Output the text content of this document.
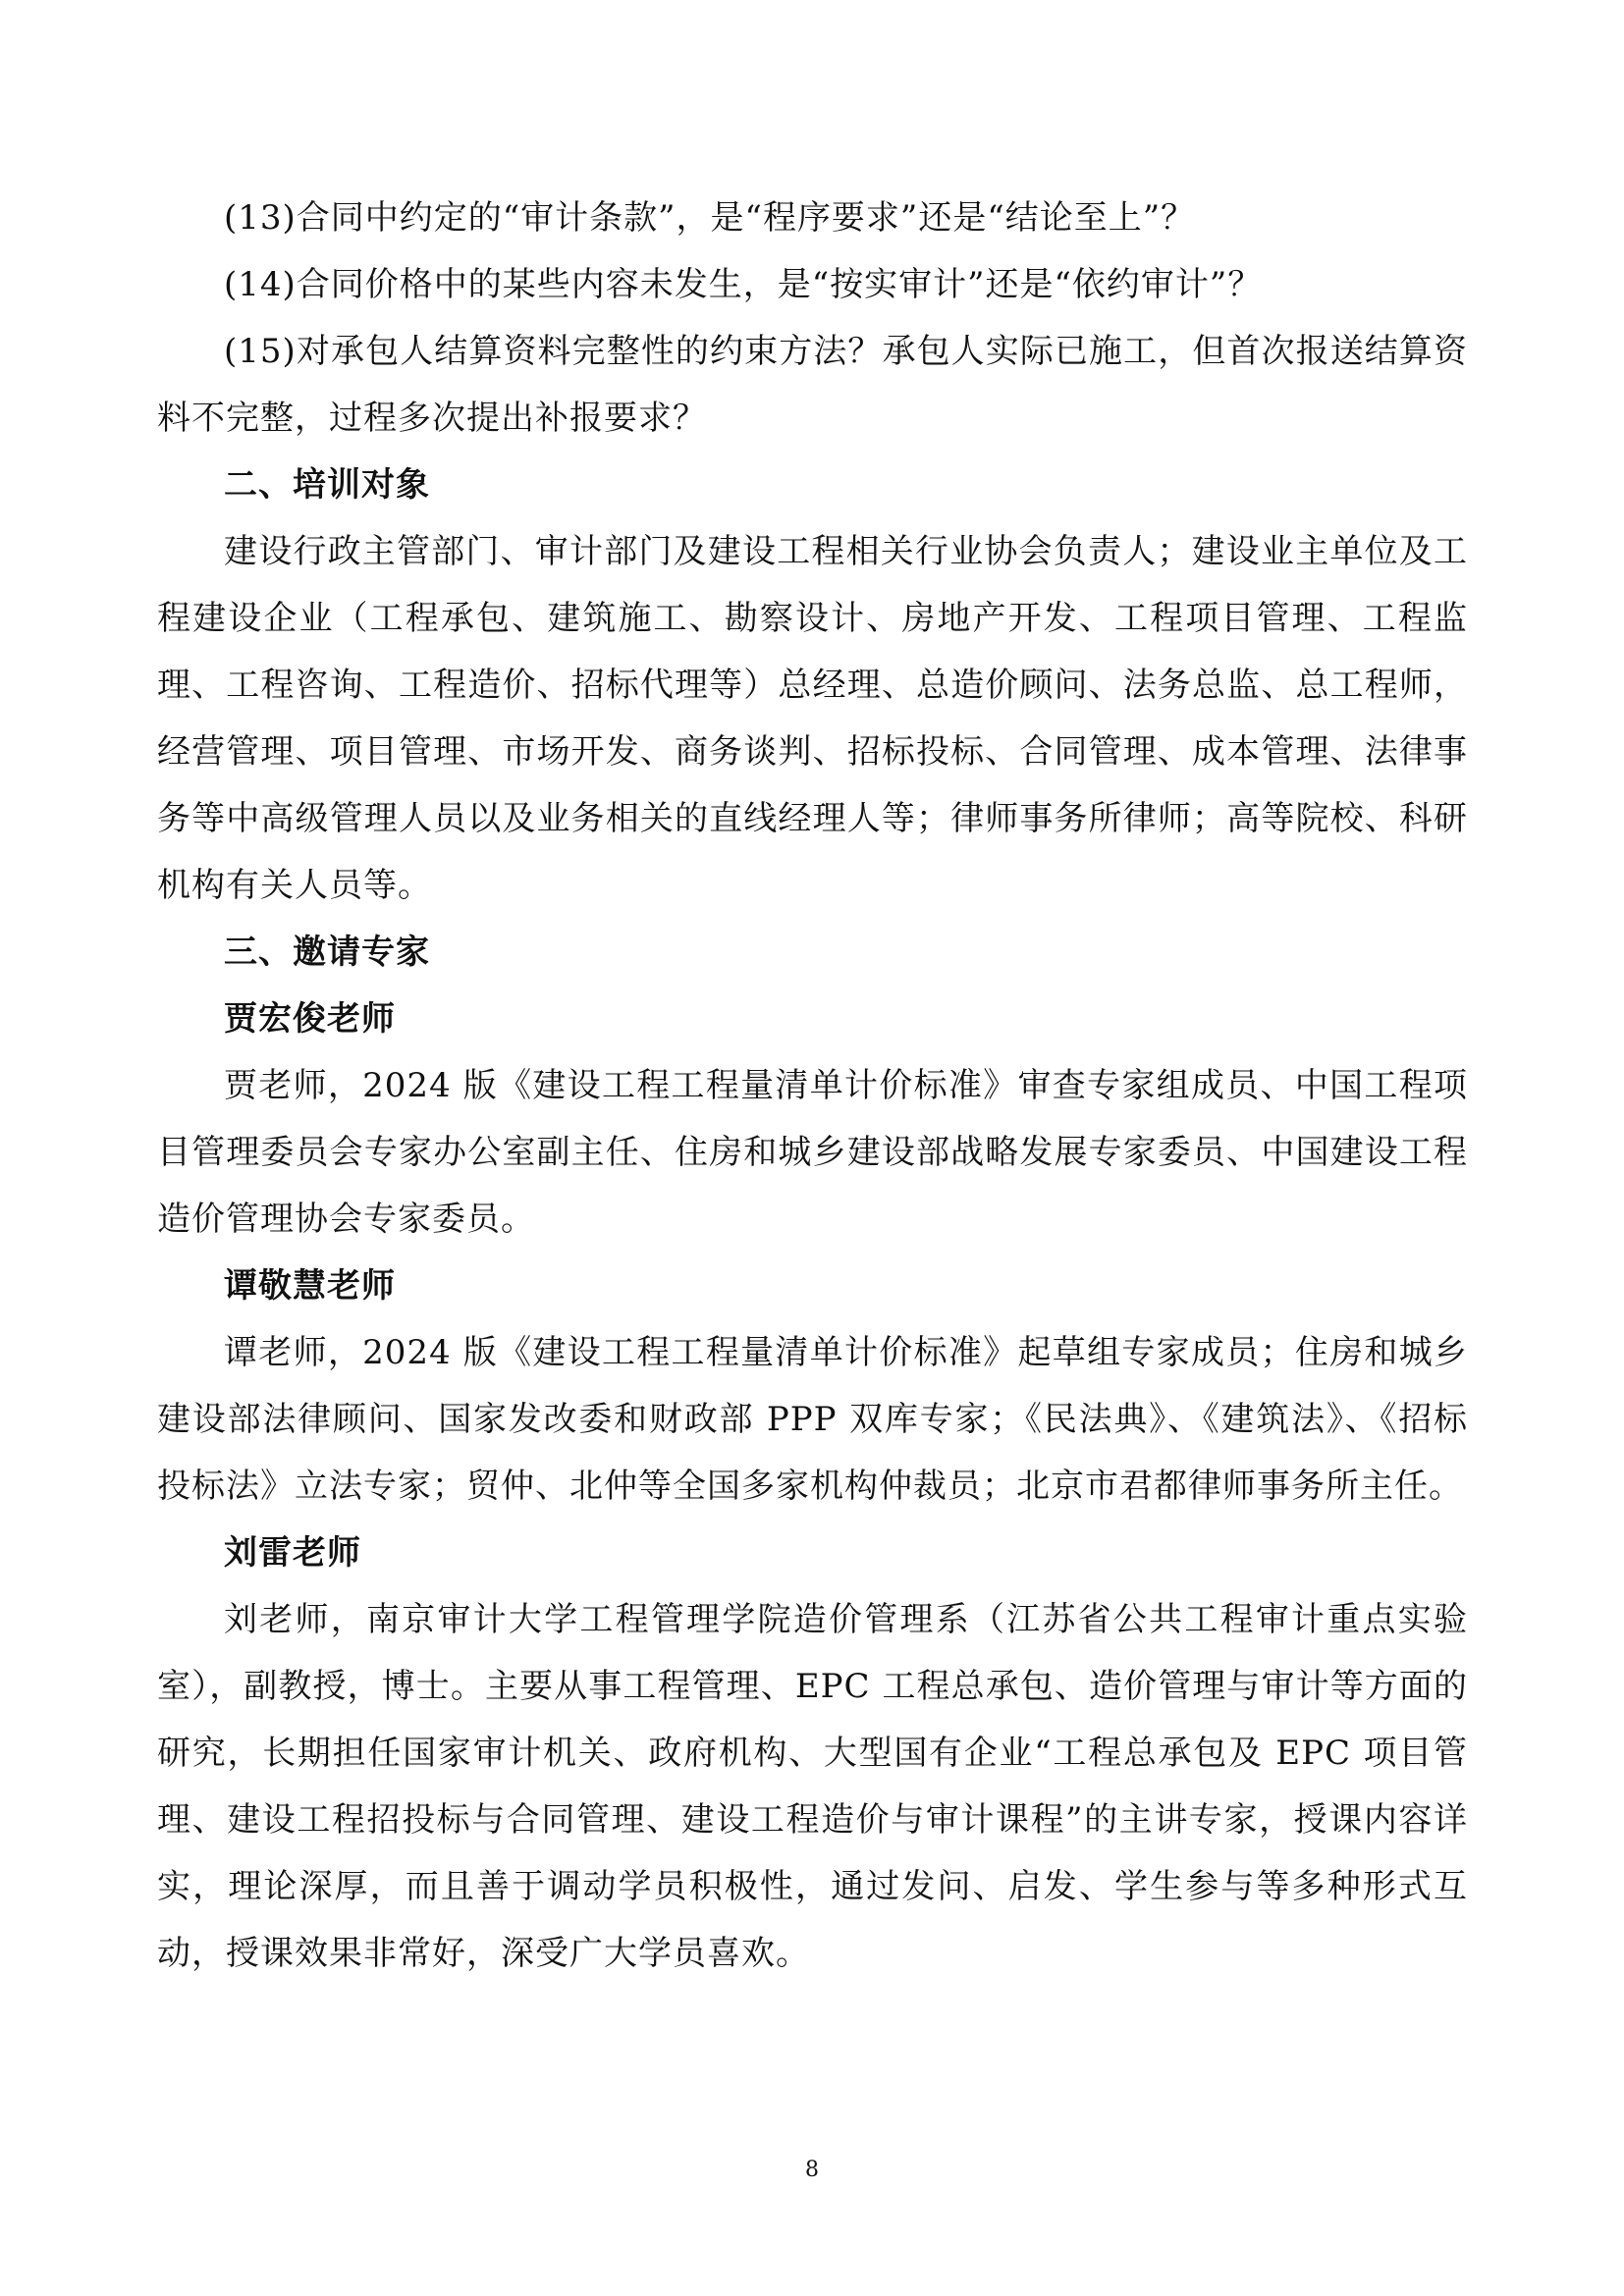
(13)合同中约定的“审计条款”，是“程序要求”还是“结论至上”？

(14)合同价格中的某些内容未发生，是“按实审计”还是“依约审计”？

(15)对承包人结算资料完整性的约束方法？承包人实际已施工，但首次报送结算资料不完整，过程多次提出补报要求？

二、培训对象

建设行政主管部门、审计部门及建设工程相关行业协会负责人；建设业主单位及工程建设企业（工程承包、建筑施工、勘察设计、房地产开发、工程项目管理、工程监理、工程咨询、工程造价、招标代理等）总经理、总造价顾问、法务总监、总工程师，经营管理、项目管理、市场开发、商务谈判、招标投标、合同管理、成本管理、法律事务等中高级管理人员以及业务相关的直线经理人等；律师事务所律师；高等院校、科研机构有关人员等。

三、邀请专家
贾宏俊老师

贾老师，2024 版《建设工程工程量清单计价标准》审查专家组成员、中国工程项目管理委员会专家办公室副主任、住房和城乡建设部战略发展专家委员、中国建设工程造价管理协会专家委员。

谭敬慧老师

谭老师，2024 版《建设工程工程量清单计价标准》起草组专家成员；住房和城乡建设部法律顾问、国家发改委和财政部 PPP 双库专家；《民法典》、《建筑法》、《招标投标法》立法专家；贸仲、北仲等全国多家机构仲裁员；北京市君都律师事务所主任。

刘雷老师

刘老师，南京审计大学工程管理学院造价管理系（江苏省公共工程审计重点实验室），副教授，博士。主要从事工程管理、EPC 工程总承包、造价管理与审计等方面的研究，长期担任国家审计机关、政府机构、大型国有企业“工程总承包及 EPC 项目管理、建设工程招投标与合同管理、建设工程造价与审计课程”的主讲专家，授课内容详实，理论深厚，而且善于调动学员积极性，通过发问、启发、学生参与等多种形式互动，授课效果非常好，深受广大学员喜欢。

8
